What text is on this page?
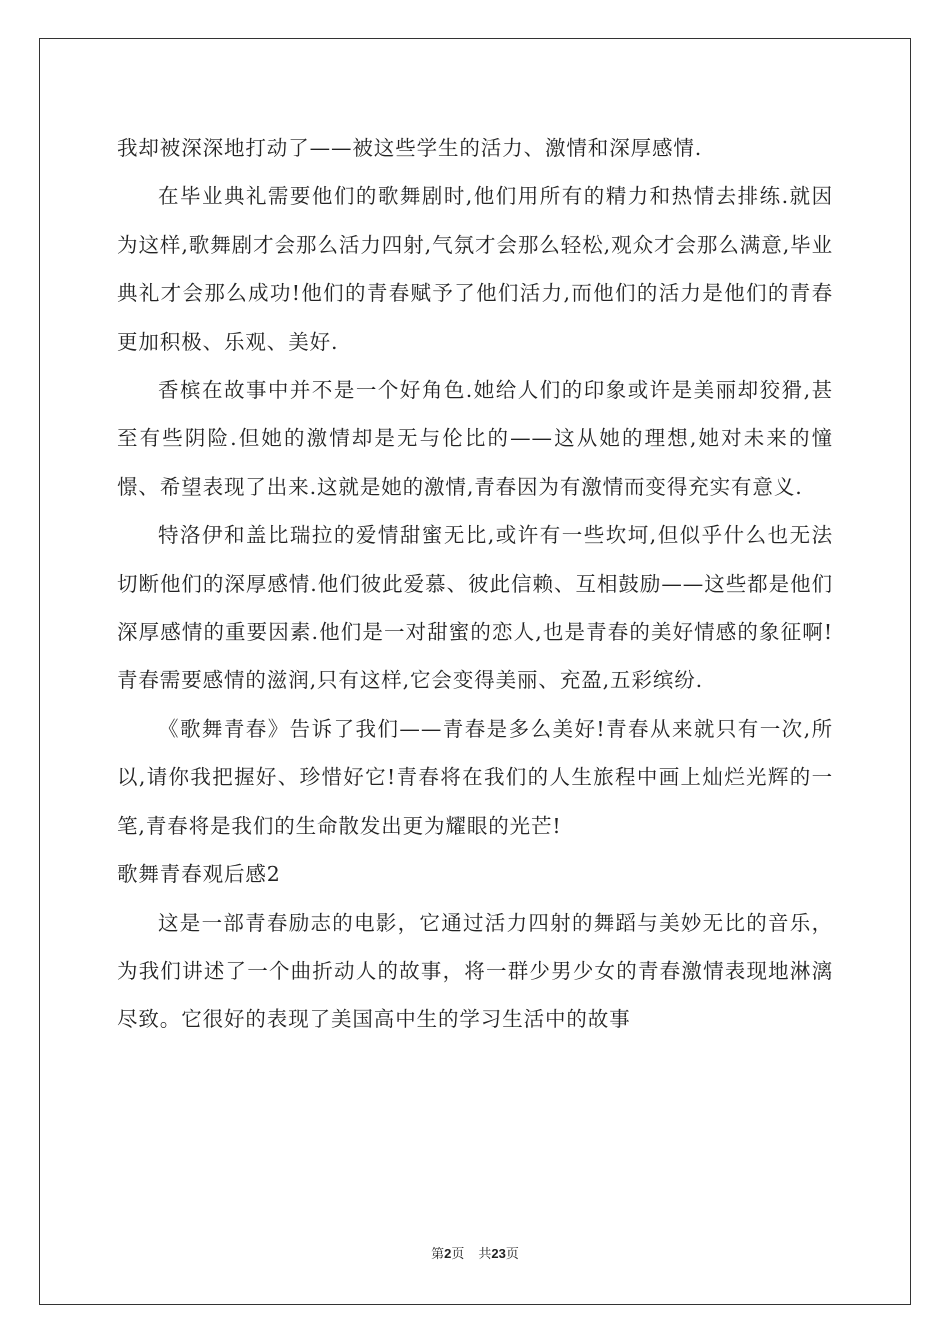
我却被深深地打动了——被这些学生的活力、激情和深厚感情.

在毕业典礼需要他们的歌舞剧时,他们用所有的精力和热情去排练.就因为这样,歌舞剧才会那么活力四射,气氛才会那么轻松,观众才会那么满意,毕业典礼才会那么成功!他们的青春赋予了他们活力,而他们的活力是他们的青春更加积极、乐观、美好.

香槟在故事中并不是一个好角色.她给人们的印象或许是美丽却狡猾,甚至有些阴险.但她的激情却是无与伦比的——这从她的理想,她对未来的憧憬、希望表现了出来.这就是她的激情,青春因为有激情而变得充实有意义.

特洛伊和盖比瑞拉的爱情甜蜜无比,或许有一些坎坷,但似乎什么也无法切断他们的深厚感情.他们彼此爱慕、彼此信赖、互相鼓励——这些都是他们深厚感情的重要因素.他们是一对甜蜜的恋人,也是青春的美好情感的象征啊!青春需要感情的滋润,只有这样,它会变得美丽、充盈,五彩缤纷.

《歌舞青春》告诉了我们——青春是多么美好!青春从来就只有一次,所以,请你我把握好、珍惜好它!青春将在我们的人生旅程中画上灿烂光辉的一笔,青春将是我们的生命散发出更为耀眼的光芒!

歌舞青春观后感2

这是一部青春励志的电影，它通过活力四射的舞蹈与美妙无比的音乐，为我们讲述了一个曲折动人的故事，将一群少男少女的青春激情表现地淋漓尽致。它很好的表现了美国高中生的学习生活中的故事

第2页 共23页
